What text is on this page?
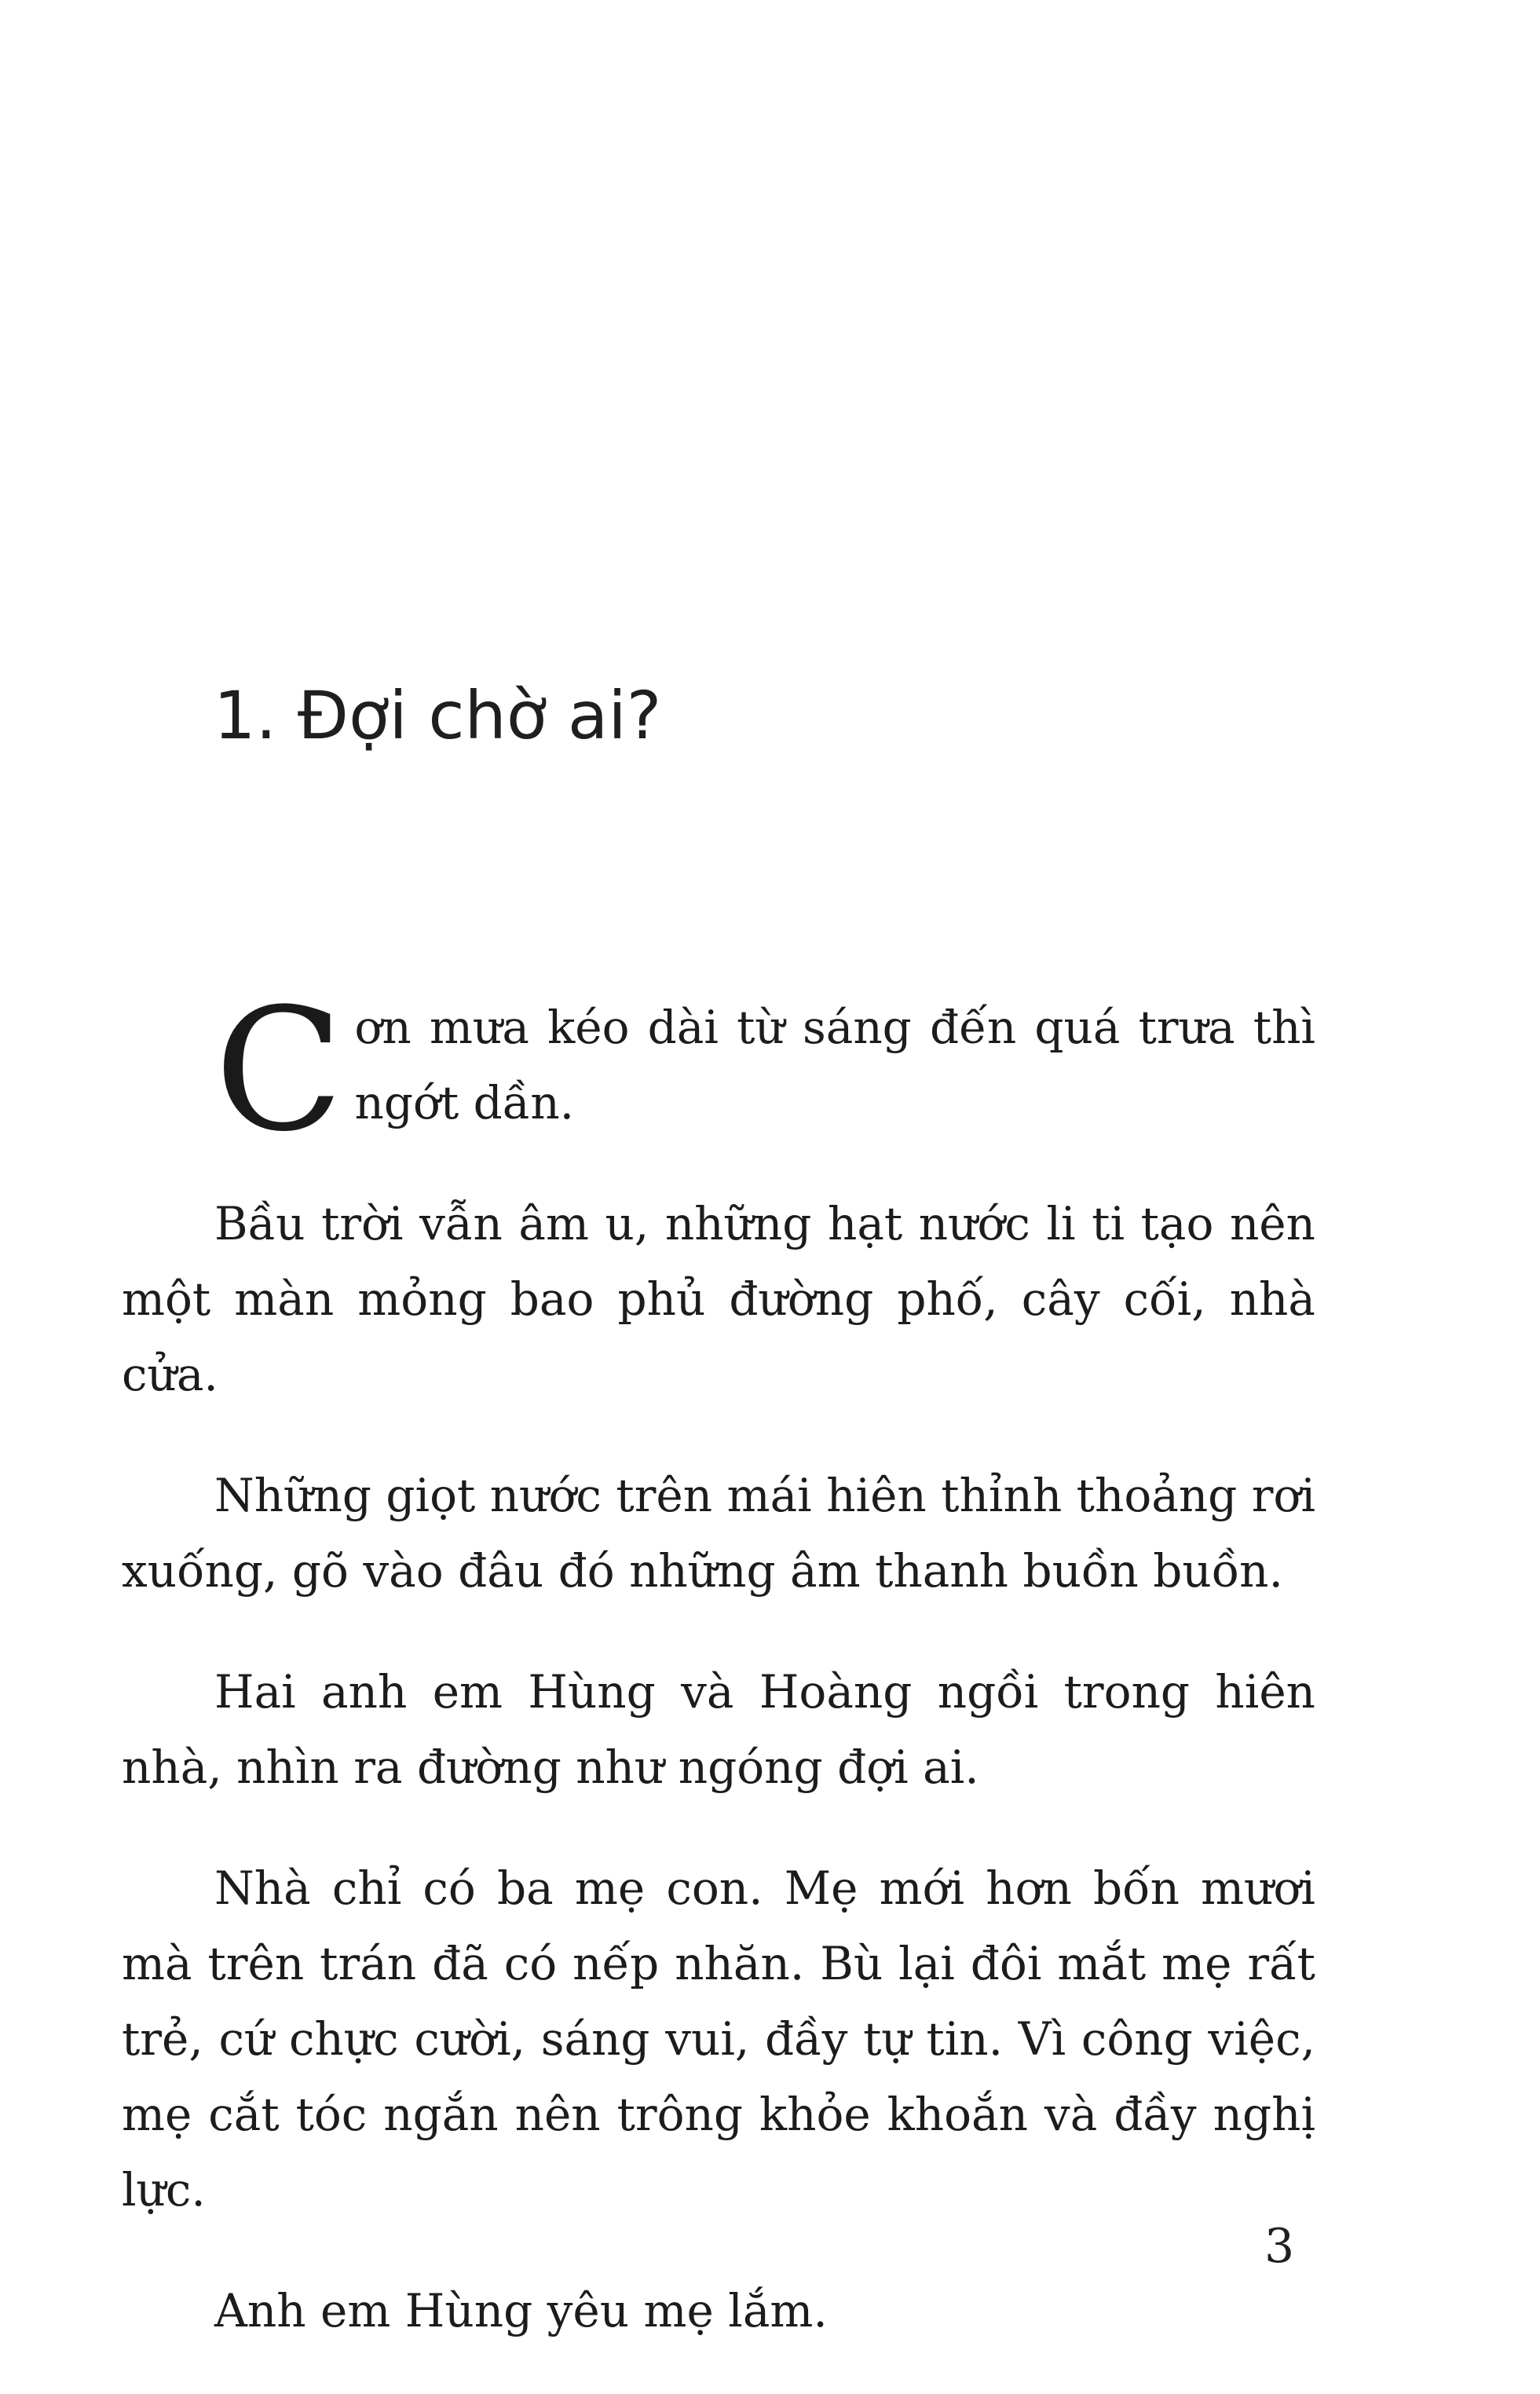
1. Đợi chờ ai?

Cơn mưa kéo dài từ sáng đến quá trưa thì ngớt dần.

Bầu trời vẫn âm u, những hạt nước li ti tạo nên một màn mỏng bao phủ đường phố, cây cối, nhà cửa.

Những giọt nước trên mái hiên thỉnh thoảng rơi xuống, gõ vào đâu đó những âm thanh buồn buồn.

Hai anh em Hùng và Hoàng ngồi trong hiên nhà, nhìn ra đường như ngóng đợi ai.

Nhà chỉ có ba mẹ con. Mẹ mới hơn bốn mươi mà trên trán đã có nếp nhăn. Bù lại đôi mắt mẹ rất trẻ, cứ chực cười, sáng vui, đầy tự tin. Vì công việc, mẹ cắt tóc ngắn nên trông khỏe khoắn và đầy nghị lực.

Anh em Hùng yêu mẹ lắm.

3
